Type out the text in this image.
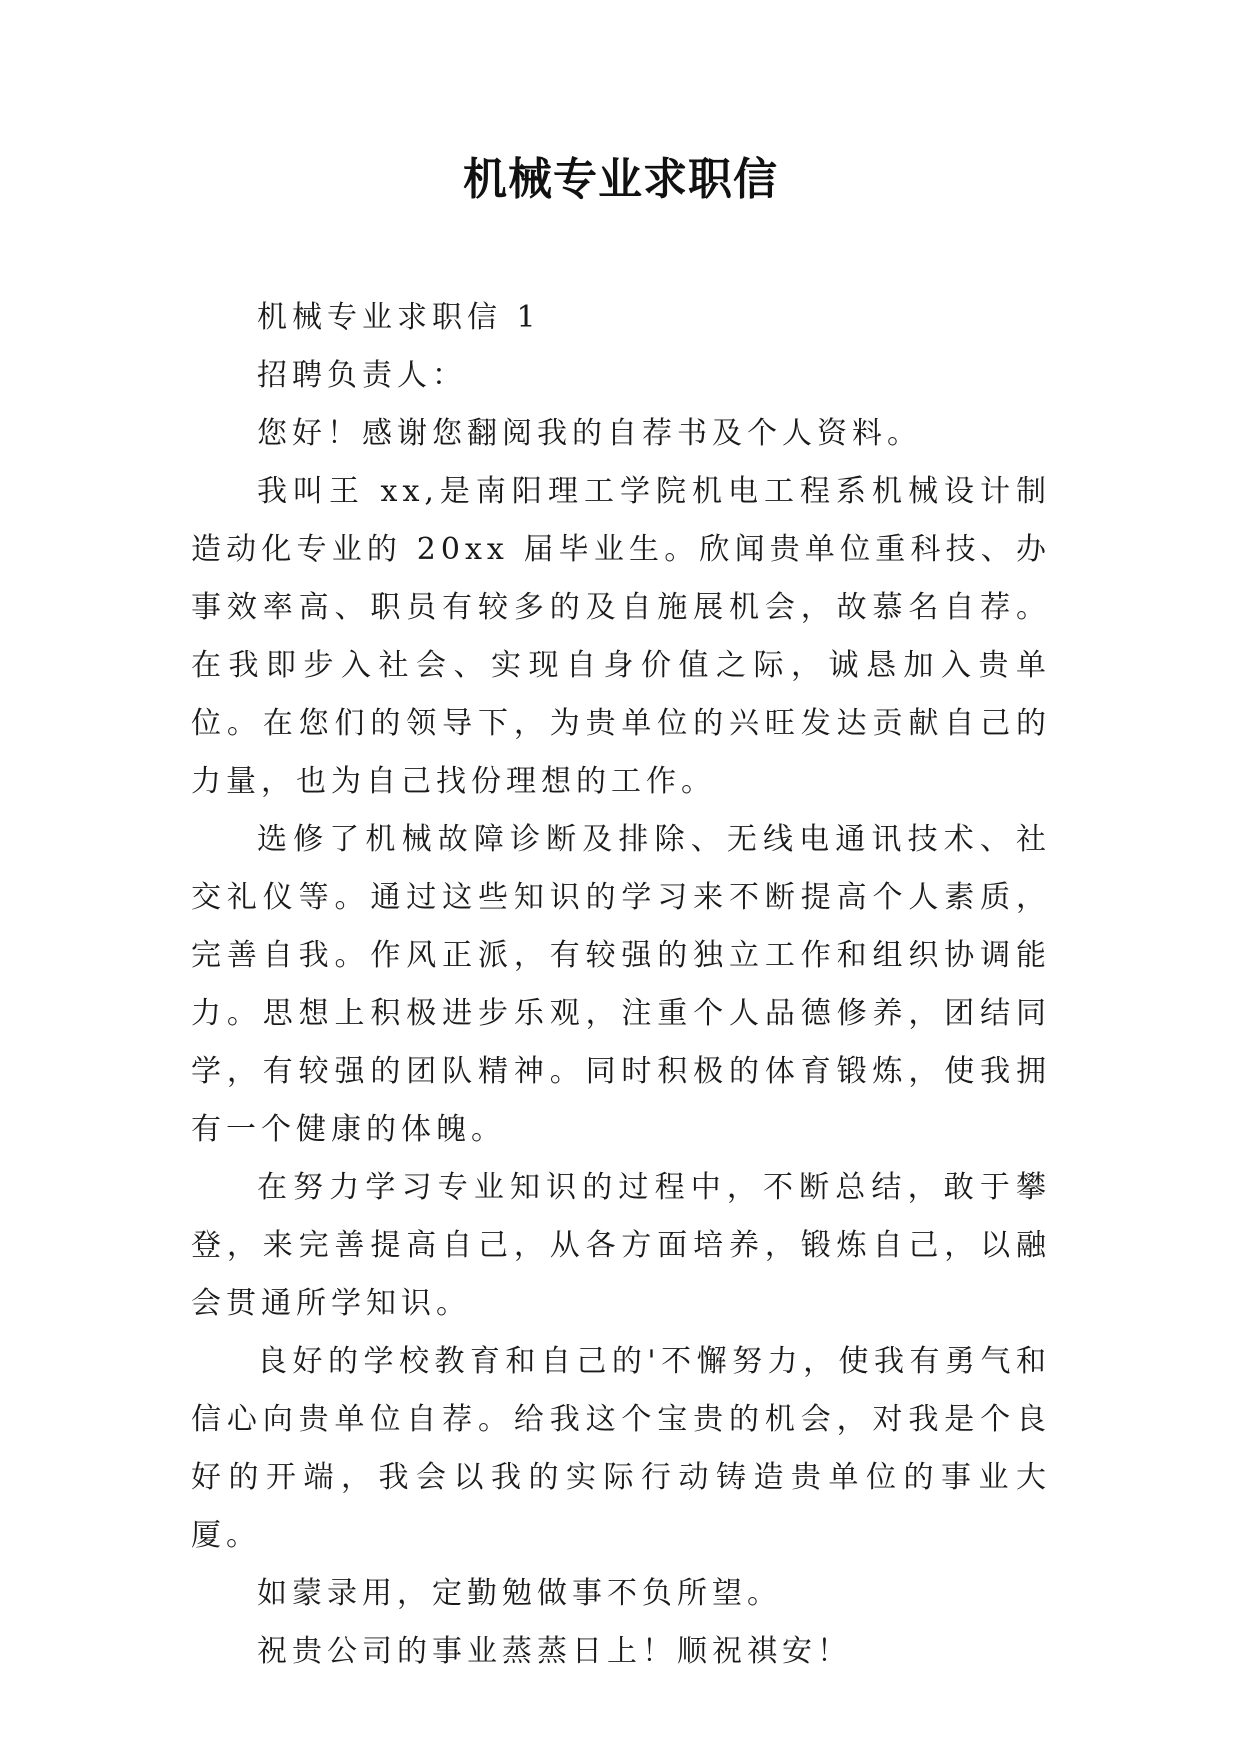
机械专业求职信

机械专业求职信 1

招聘负责人：

您好！感谢您翻阅我的自荐书及个人资料。

我叫王 xx,是南阳理工学院机电工程系机械设计制造动化专业的 20xx 届毕业生。欣闻贵单位重科技、办事效率高、职员有较多的及自施展机会，故慕名自荐。在我即步入社会、实现自身价值之际，诚恳加入贵单位。在您们的领导下，为贵单位的兴旺发达贡献自己的力量，也为自己找份理想的工作。

选修了机械故障诊断及排除、无线电通讯技术、社交礼仪等。通过这些知识的学习来不断提高个人素质，完善自我。作风正派，有较强的独立工作和组织协调能力。思想上积极进步乐观，注重个人品德修养，团结同学，有较强的团队精神。同时积极的体育锻炼，使我拥有一个健康的体魄。

在努力学习专业知识的过程中，不断总结，敢于攀登，来完善提高自己，从各方面培养，锻炼自己，以融会贯通所学知识。

良好的学校教育和自己的'不懈努力，使我有勇气和信心向贵单位自荐。给我这个宝贵的机会，对我是个良好的开端，我会以我的实际行动铸造贵单位的事业大厦。

如蒙录用，定勤勉做事不负所望。

祝贵公司的事业蒸蒸日上！顺祝祺安！
